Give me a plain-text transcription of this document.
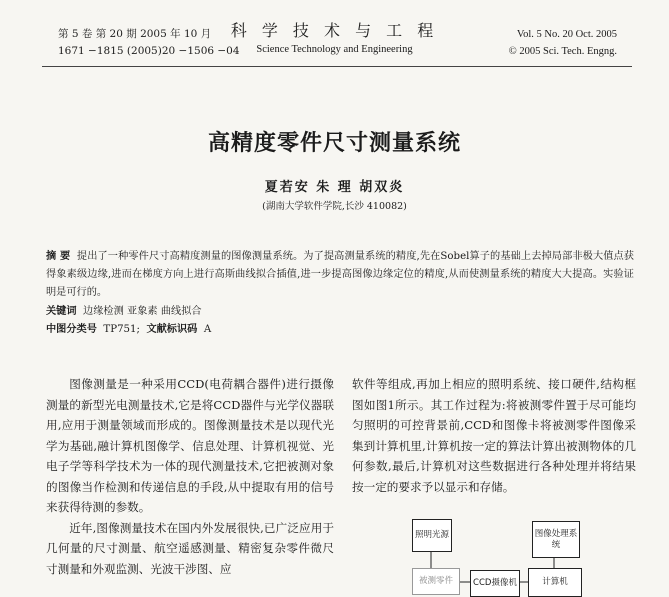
第 5 卷 第 20 期 2005 年 10 月
1671 −1815 (2005)20 −1506 −04
科 学 技 术 与 工 程
Science Technology and Engineering
Vol. 5 No. 20 Oct. 2005
© 2005 Sci. Tech. Engng.
高精度零件尺寸测量系统
夏若安 朱 理 胡双炎
(湖南大学软件学院,长沙 410082)
摘 要 提出了一种零件尺寸高精度测量的图像测量系统。为了提高测量系统的精度,先在Sobel算子的基础上去掉局部非极大值点获得象素级边缘,进而在梯度方向上进行高斯曲线拟合插值,进一步提高图像边缘定位的精度,从而使测量系统的精度大大提高。实验证明是可行的。
关键词 边缘检测 亚象素 曲线拟合
中图分类号 TP751; 文献标识码 A

图像测量是一种采用CCD(电荷耦合器件)进行摄像测量的新型光电测量技术,它是将CCD器件与光学仪器联用,应用于测量领域而形成的。图像测量技术是以现代光学为基础,融计算机图像学、信息处理、计算机视觉、光电子学等科学技术为一体的现代测量技术,它把被测对象的图像当作检测和传递信息的手段,从中提取有用的信号来获得待测的参数。

近年,图像测量技术在国内外发展很快,已广泛应用于几何量的尺寸测量、航空遥感测量、精密复杂零件微尺寸测量和外观监测、光波干涉图、应

软件等组成,再加上相应的照明系统、接口硬件,结构框图如图1所示。其工作过程为:将被测零件置于尽可能均匀照明的可控背景前,CCD和图像卡将被测零件图像采集到计算机里,计算机按一定的算法计算出被测物体的几何参数,最后,计算机对这些数据进行各种处理并将结果按一定的要求予以显示和存储。

照明光源
被测零件	CCD摄像机	计算机
图像处理系统
